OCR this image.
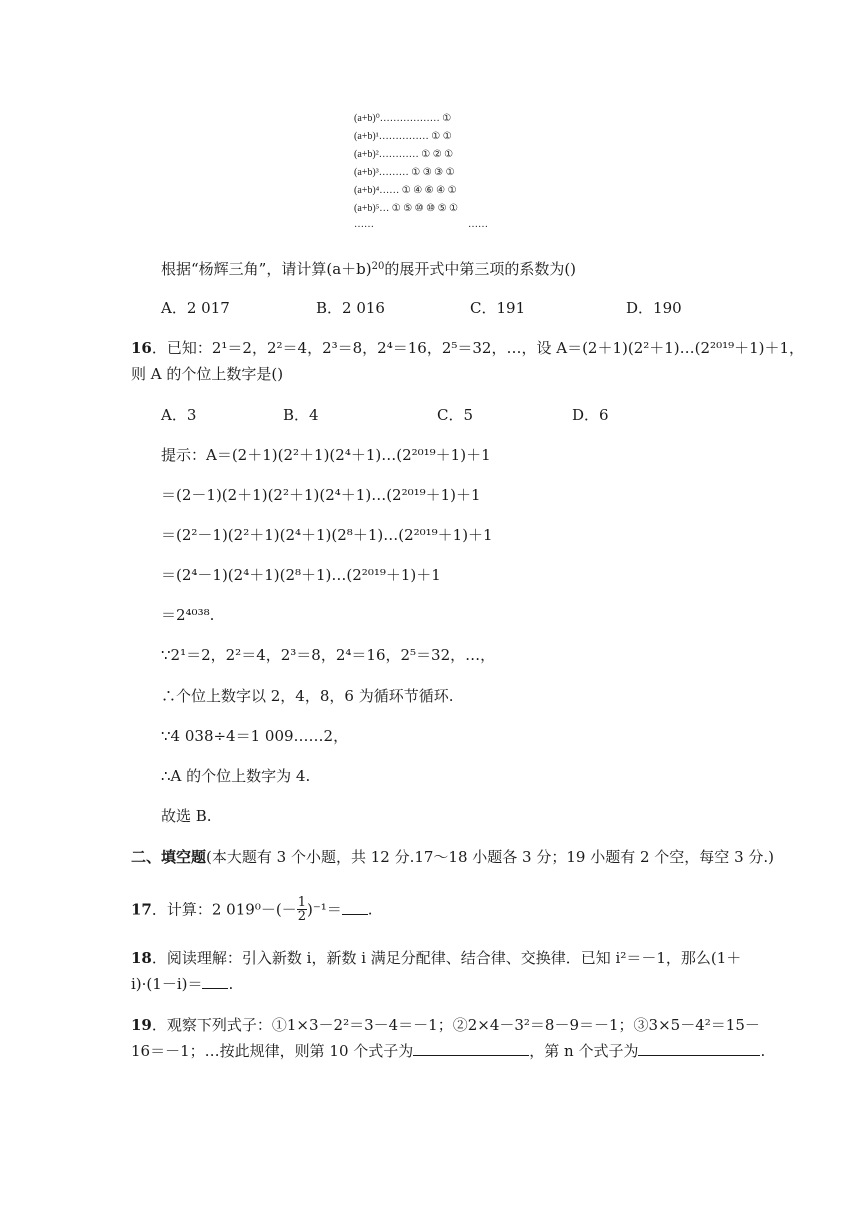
(a+b)⁰……………… ①
(a+b)¹…………… ① ①
(a+b)²………… ① ② ①
(a+b)³……… ① ③ ③ ①
(a+b)⁴…… ① ④ ⑥ ④ ①
(a+b)⁵… ① ⑤ ⑩ ⑩ ⑤ ①
……	……
根据“杨辉三角”，请计算$(a+b)^{20}$的展开式中第三项的系数为()
A．2 017	B．2 016	C．191	D．190
16．已知：2¹＝2，2²＝4，2³＝8，2⁴＝16，2⁵＝32，…，设 A＝(2＋1)(2²＋1)…(2²⁰¹⁹＋1)＋1，
则 A 的个位上数字是()
A．3	B．4	C．5	D．6
提示：A＝(2＋1)(2²＋1)(2⁴＋1)…(2²⁰¹⁹＋1)＋1
＝(2－1)(2＋1)(2²＋1)(2⁴＋1)…(2²⁰¹⁹＋1)＋1
＝(2²－1)(2²＋1)(2⁴＋1)(2⁸＋1)…(2²⁰¹⁹＋1)＋1
＝(2⁴－1)(2⁴＋1)(2⁸＋1)…(2²⁰¹⁹＋1)＋1
＝2⁴⁰³⁸.
∵2¹＝2，2²＝4，2³＝8，2⁴＝16，2⁵＝32，…，
∴个位上数字以 2，4，8，6 为循环节循环.
∵4 038÷4＝1 009……2，
∴A 的个位上数字为 4.
故选 B.
二、填空题(本大题有 3 个小题，共 12 分.17～18 小题各 3 分；19 小题有 2 个空，每空 3 分.)
17．计算：2 $019^0-(- \frac{1}{2} )^{-1}=$ .
18．阅读理解：引入新数 i，新数 i 满足分配律、结合律、交换律．已知 i²＝－1，那么(1＋
i)·(1－i)＝ .
19．观察下列式子：①1×3－2²＝3－4＝－1；②2×4－3²＝8－9＝－1；③3×5－4²＝15－
16＝－1；…按此规律，则第 10 个式子为	，第 n 个式子为	.
